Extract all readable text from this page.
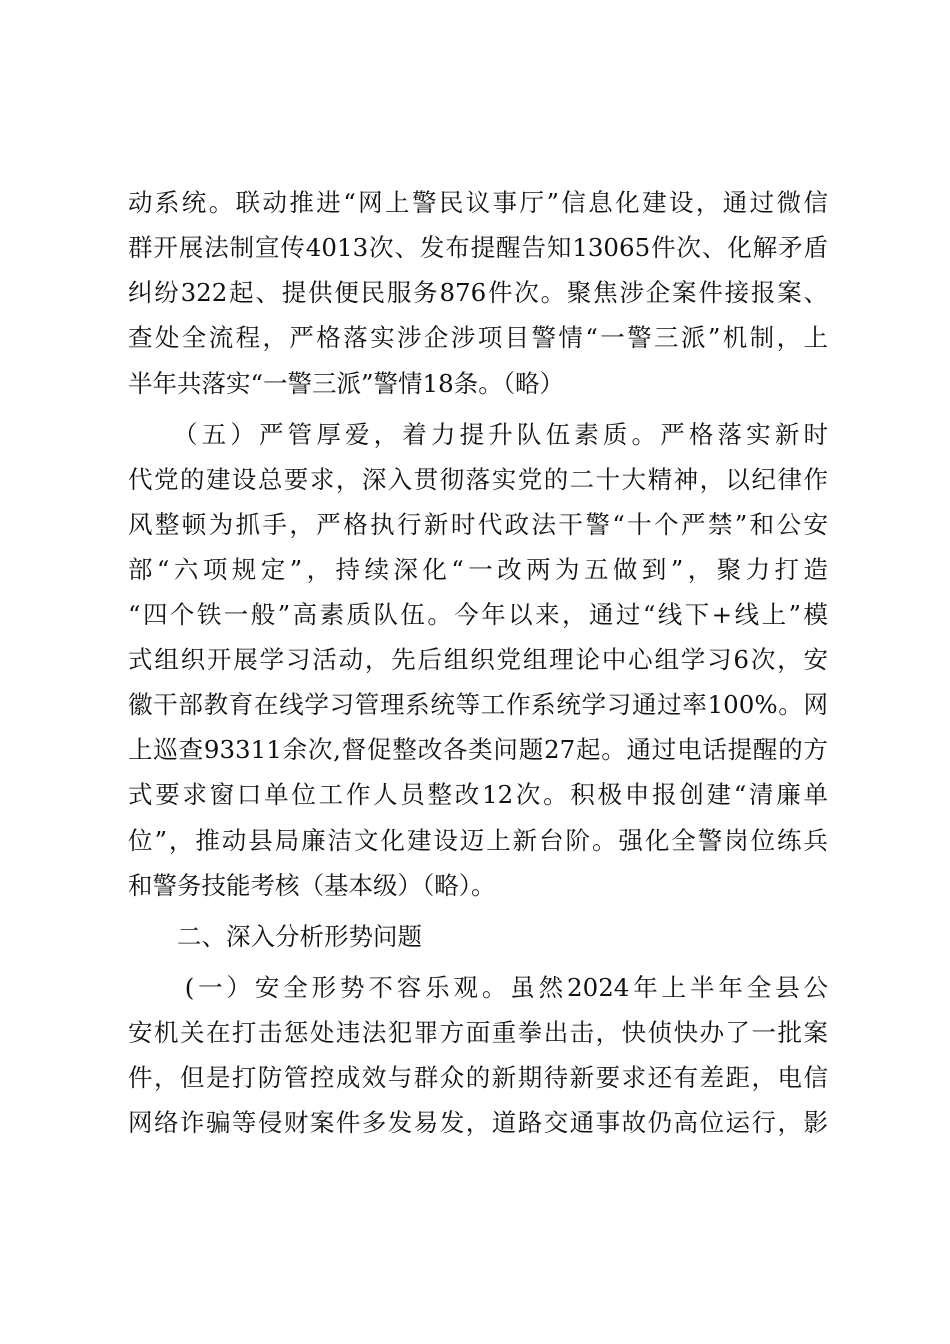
动系统。联动推进“网上警民议事厅”信息化建设，通过微信
群开展法制宣传4013次、发布提醒告知13065件次、化解矛盾
纠纷322起、提供便民服务876件次。聚焦涉企案件接报案、
查处全流程，严格落实涉企涉项目警情“一警三派”机制，上
半年共落实“一警三派”警情18条。（略）
　　（五）严管厚爱，着力提升队伍素质。严格落实新时
代党的建设总要求，深入贯彻落实党的二十大精神，以纪律作
风整顿为抓手，严格执行新时代政法干警“十个严禁”和公安
部“六项规定”，持续深化“一改两为五做到”，聚力打造
“四个铁一般”高素质队伍。今年以来，通过“线下+线上”模
式组织开展学习活动，先后组织党组理论中心组学习6次，安
徽干部教育在线学习管理系统等工作系统学习通过率100%。网
上巡查93311余次,督促整改各类问题27起。通过电话提醒的方
式要求窗口单位工作人员整改12次。积极申报创建“清廉单
位”，推动县局廉洁文化建设迈上新台阶。强化全警岗位练兵
和警务技能考核（基本级）（略）。
　　二、深入分析形势问题
　　(一）安全形势不容乐观。虽然2024年上半年全县公
安机关在打击惩处违法犯罪方面重拳出击，快侦快办了一批案
件，但是打防管控成效与群众的新期待新要求还有差距，电信
网络诈骗等侵财案件多发易发，道路交通事故仍高位运行，影
